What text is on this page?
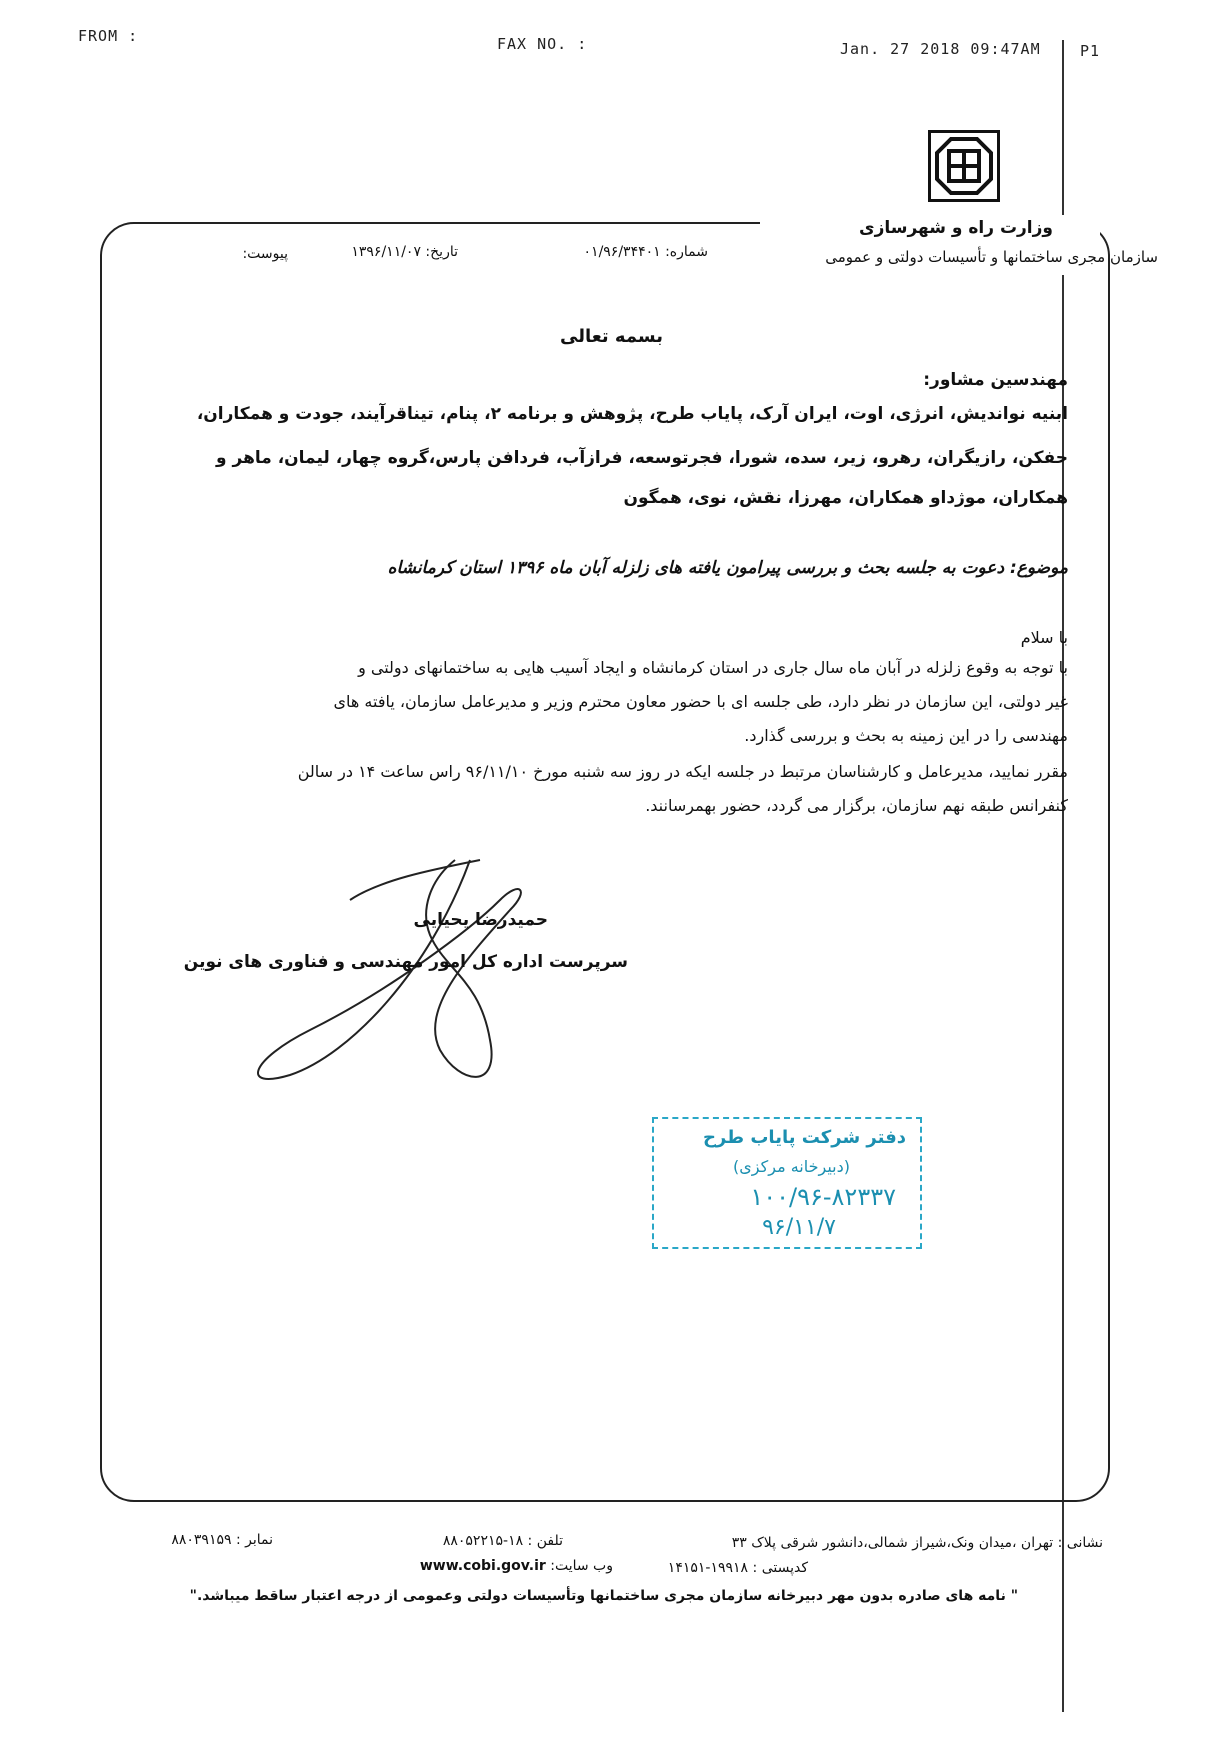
FROM :	FAX NO. :	Jan. 27 2018 09:47AM	P1
وزارت راه و شهرسازی
سازمان مجری ساختمانها و تأسیسات دولتی و عمومی
شماره: ۰۱/۹۶/۳۴۴۰۱
تاریخ: ۱۳۹۶/۱۱/۰۷
پیوست:
بسمه تعالی
مهندسین مشاور:
ابنیه نواندیش، انرژی، اوت، ایران آرک، پایاب طرح، پژوهش و برنامه ۲، پنام، تیناقرآیند، جودت و همکاران،
حفکن، رازیگران، رهرو، زیر، سده، شورا، فجرتوسعه، فرازآب، فردافن پارس،گروه چهار، لیمان، ماهر و
همکاران، موژداو همکاران، مهرزا، نقش، نوی، همگون
موضوع: دعوت به جلسه بحث و بررسی پیرامون یافته های زلزله آبان ماه ۱۳۹۶ استان کرمانشاه
با سلام
با توجه به وقوع زلزله در آبان ماه سال جاری در استان کرمانشاه و ایجاد آسیب هایی به ساختمانهای دولتی و
غیر دولتی، این سازمان در نظر دارد، طی جلسه ای با حضور معاون محترم وزیر و مدیرعامل سازمان، یافته های
مهندسی را در این زمینه به بحث و بررسی گذارد.
مقرر نمایید، مدیرعامل و کارشناسان مرتبط در جلسه ایکه در روز سه شنبه مورخ ۹۶/۱۱/۱۰ راس ساعت ۱۴ در سالن
کنفرانس طبقه نهم سازمان، برگزار می گردد، حضور بهمرسانند.
حمیدرضا یحیایی
سرپرست اداره کل امور مهندسی و فناوری های نوین
دفتر شرکت پایاب طرح
(دبیرخانه مرکزی)
۱۰۰/۹۶-۸۲۳۳۷
۹۶/۱۱/۷
نشانی : تهران ،میدان ونک،شیراز شمالی،دانشور شرقی پلاک ۳۳
تلفن : ۱۸-۸۸۰۵۲۲۱۵
نمابر : ۸۸۰۳۹۱۵۹
کدپستی : ۱۹۹۱۸-۱۴۱۵۱
وب سایت: www.cobi.gov.ir
" نامه های صادره بدون مهر دبیرخانه سازمان مجری ساختمانها وتأسیسات دولتی وعمومی از درجه اعتبار ساقط میباشد."
